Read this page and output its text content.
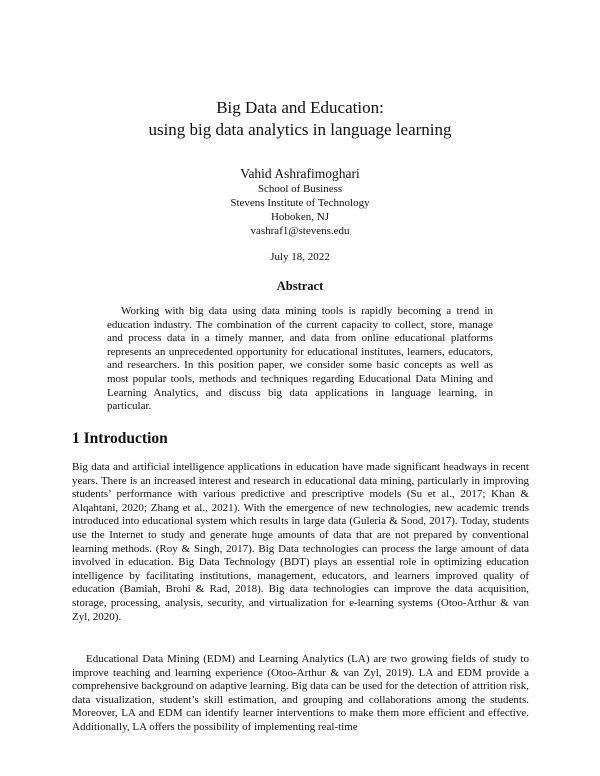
Big Data and Education:
using big data analytics in language learning
Vahid Ashrafimoghari
School of Business
Stevens Institute of Technology
Hoboken, NJ
vashraf1@stevens.edu
July 18, 2022
Abstract

Working with big data using data mining tools is rapidly becoming a trend in education industry. The combination of the current capacity to collect, store, manage and process data in a timely manner, and data from online educational platforms represents an unprecedented opportunity for educational institutes, learners, educators, and researchers. In this position paper, we consider some basic concepts as well as most popular tools, methods and techniques regarding Educational Data Mining and Learning Analytics, and discuss big data applications in language learning, in particular.

1 Introduction

Big data and artificial intelligence applications in education have made significant headways in recent years. There is an increased interest and research in educational data mining, particularly in improving students’ performance with various predictive and prescriptive models (Su et al., 2017; Khan & Alqahtani, 2020; Zhang et al., 2021). With the emergence of new technologies, new academic trends introduced into educational system which results in large data (Guleria & Sood, 2017). Today, students use the Internet to study and generate huge amounts of data that are not prepared by conventional learning methods. (Roy & Singh, 2017). Big Data technologies can process the large amount of data involved in education. Big Data Technology (BDT) plays an essential role in optimizing education intelligence by facilitating institutions, management, educators, and learners improved quality of education (Bamiah, Brohi & Rad, 2018). Big data technologies can improve the data acquisition, storage, processing, analysis, security, and virtualization for e-learning systems (Otoo-Arthur & van Zyl, 2020).

Educational Data Mining (EDM) and Learning Analytics (LA) are two growing fields of study to improve teaching and learning experience (Otoo-Arthur & van Zyl, 2019). LA and EDM provide a comprehensive background on adaptive learning. Big data can be used for the detection of attrition risk, data visualization, student’s skill estimation, and grouping and collaborations among the students. Moreover, LA and EDM can identify learner interventions to make them more efficient and effective. Additionally, LA offers the possibility of implementing real-time
